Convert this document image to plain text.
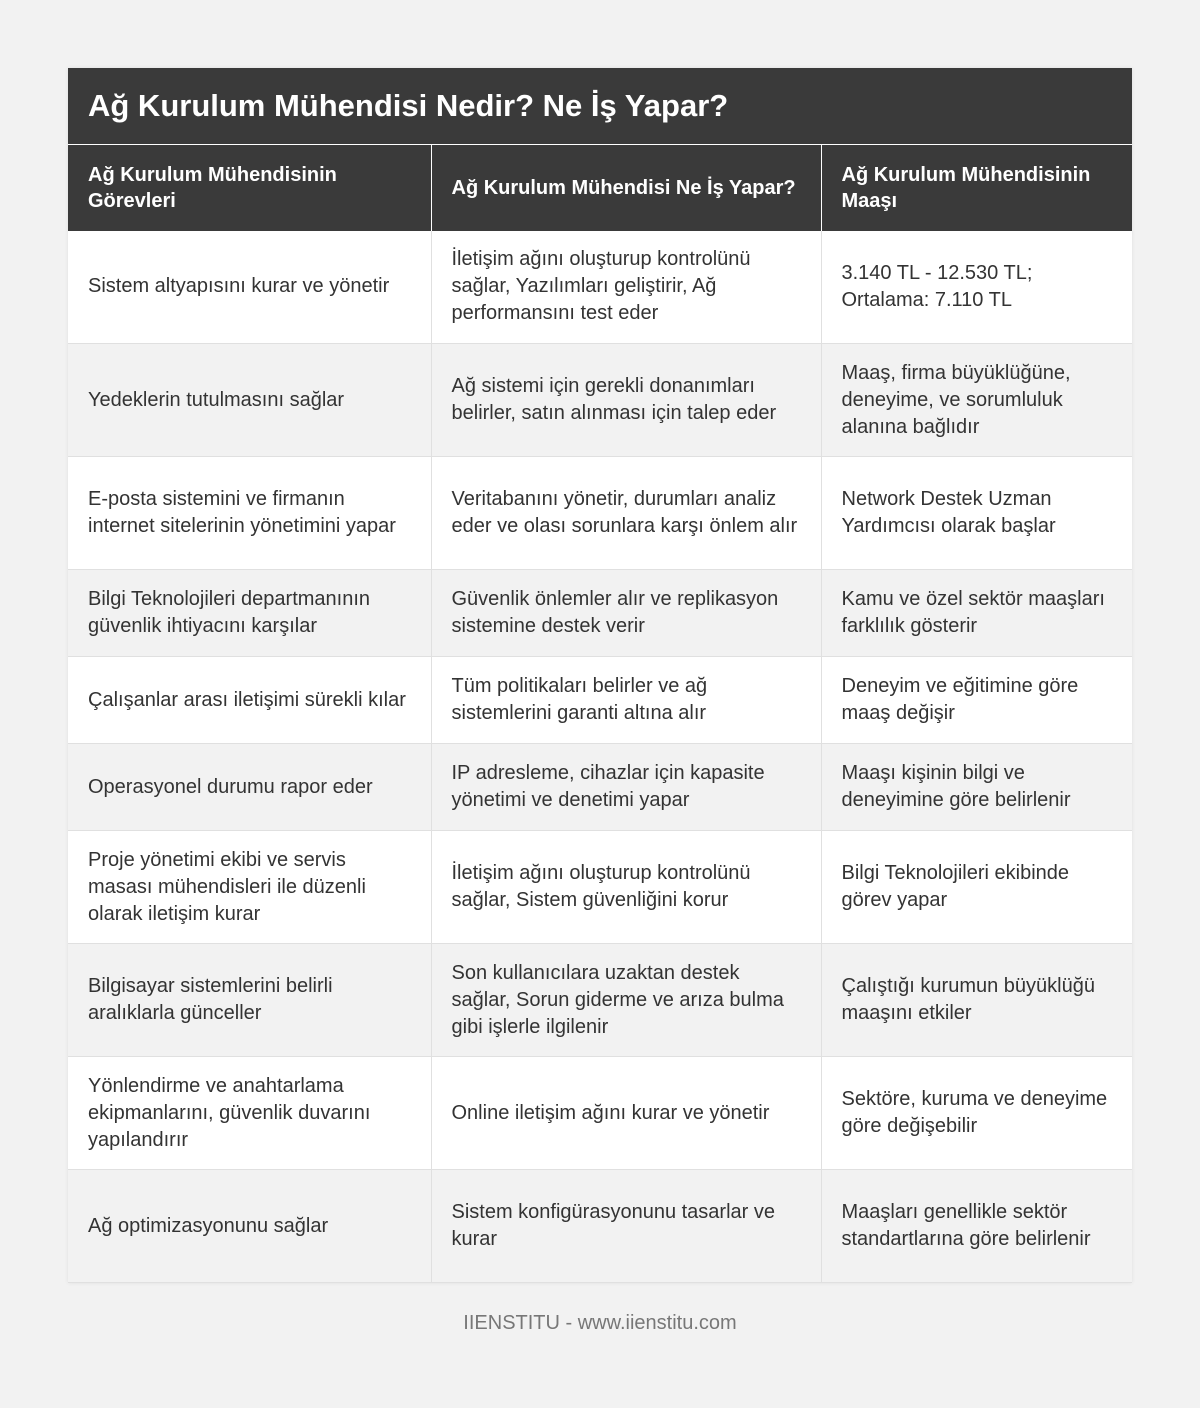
Ağ Kurulum Mühendisi Nedir? Ne İş Yapar?
Ağ Kurulum Mühendisinin Görevleri	Ağ Kurulum Mühendisi Ne İş Yapar?	Ağ Kurulum Mühendisinin Maaşı
Sistem altyapısını kurar ve yönetir	İletişim ağını oluşturup kontrolünü sağlar, Yazılımları geliştirir, Ağ performansını test eder	3.140 TL - 12.530 TL; Ortalama: 7.110 TL
Yedeklerin tutulmasını sağlar	Ağ sistemi için gerekli donanımları belirler, satın alınması için talep eder	Maaş, firma büyüklüğüne, deneyime, ve sorumluluk alanına bağlıdır
E-posta sistemini ve firmanın internet sitelerinin yönetimini yapar	Veritabanını yönetir, durumları analiz eder ve olası sorunlara karşı önlem alır	Network Destek Uzman Yardımcısı olarak başlar
Bilgi Teknolojileri departmanının güvenlik ihtiyacını karşılar	Güvenlik önlemler alır ve replikasyon sistemine destek verir	Kamu ve özel sektör maaşları farklılık gösterir
Çalışanlar arası iletişimi sürekli kılar	Tüm politikaları belirler ve ağ sistemlerini garanti altına alır	Deneyim ve eğitimine göre maaş değişir
Operasyonel durumu rapor eder	IP adresleme, cihazlar için kapasite yönetimi ve denetimi yapar	Maaşı kişinin bilgi ve deneyimine göre belirlenir
Proje yönetimi ekibi ve servis masası mühendisleri ile düzenli olarak iletişim kurar	İletişim ağını oluşturup kontrolünü sağlar, Sistem güvenliğini korur	Bilgi Teknolojileri ekibinde görev yapar
Bilgisayar sistemlerini belirli aralıklarla günceller	Son kullanıcılara uzaktan destek sağlar, Sorun giderme ve arıza bulma gibi işlerle ilgilenir	Çalıştığı kurumun büyüklüğü maaşını etkiler
Yönlendirme ve anahtarlama ekipmanlarını, güvenlik duvarını yapılandırır	Online iletişim ağını kurar ve yönetir	Sektöre, kuruma ve deneyime göre değişebilir
Ağ optimizasyonunu sağlar	Sistem konfigürasyonunu tasarlar ve kurar	Maaşları genellikle sektör standartlarına göre belirlenir
IIENSTITU - www.iienstitu.com
